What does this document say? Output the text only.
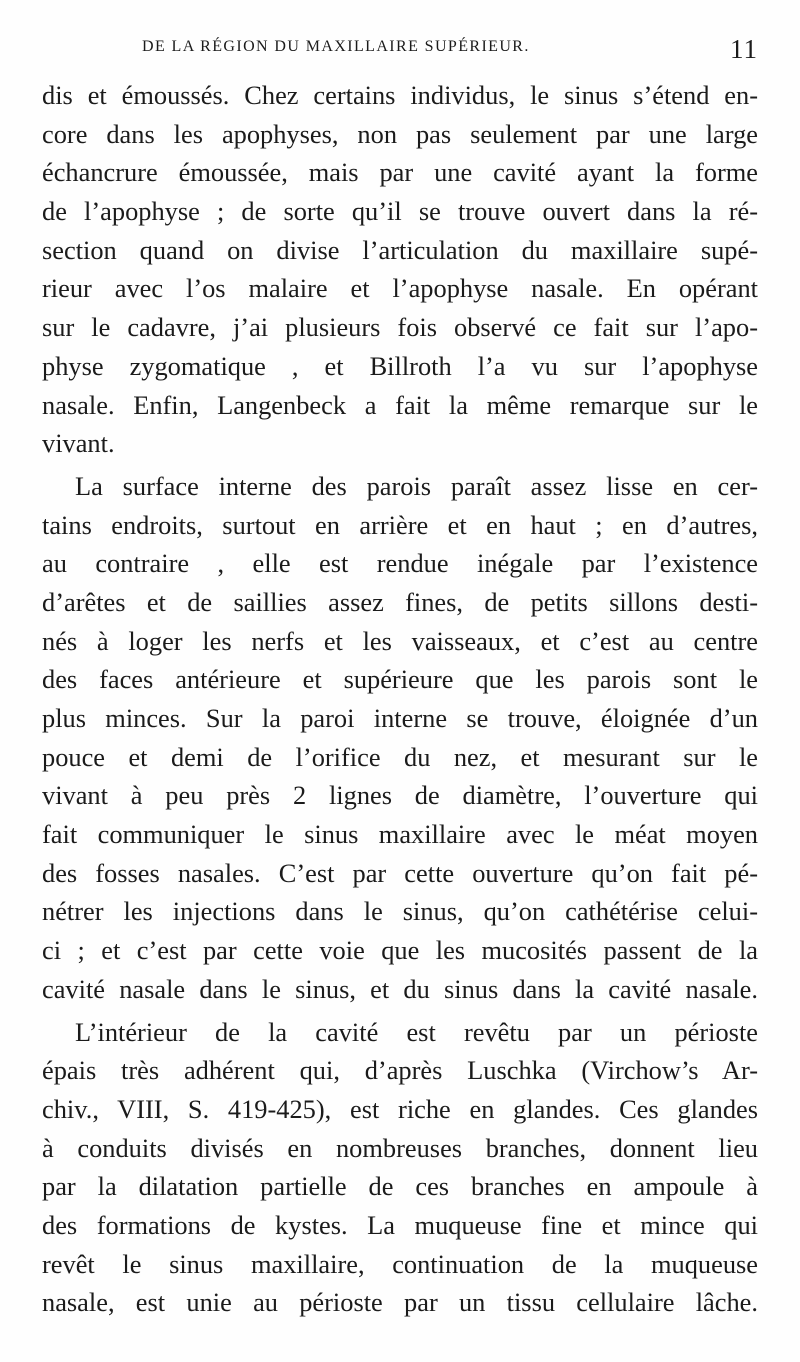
DE LA RÉGION DU MAXILLAIRE SUPÉRIEUR.	11
dis et émoussés. Chez certains individus, le sinus s’étend en-
core dans les apophyses, non pas seulement par une large
échancrure émoussée, mais par une cavité ayant la forme
de l’apophyse ; de sorte qu’il se trouve ouvert dans la ré-
section quand on divise l’articulation du maxillaire supé-
rieur avec l’os malaire et l’apophyse nasale. En opérant
sur le cadavre, j’ai plusieurs fois observé ce fait sur l’apo-
physe zygomatique , et Billroth l’a vu sur l’apophyse
nasale. Enfin, Langenbeck a fait la même remarque sur le
vivant.
La surface interne des parois paraît assez lisse en cer-
tains endroits, surtout en arrière et en haut ; en d’autres,
au contraire , elle est rendue inégale par l’existence
d’arêtes et de saillies assez fines, de petits sillons desti-
nés à loger les nerfs et les vaisseaux, et c’est au centre
des faces antérieure et supérieure que les parois sont le
plus minces. Sur la paroi interne se trouve, éloignée d’un
pouce et demi de l’orifice du nez, et mesurant sur le
vivant à peu près 2 lignes de diamètre, l’ouverture qui
fait communiquer le sinus maxillaire avec le méat moyen
des fosses nasales. C’est par cette ouverture qu’on fait pé-
nétrer les injections dans le sinus, qu’on cathétérise celui-
ci ; et c’est par cette voie que les mucosités passent de la
cavité nasale dans le sinus, et du sinus dans la cavité nasale.
L’intérieur de la cavité est revêtu par un périoste
épais très adhérent qui, d’après Luschka (Virchow’s Ar-
chiv., VIII, S. 419-425), est riche en glandes. Ces glandes
à conduits divisés en nombreuses branches, donnent lieu
par la dilatation partielle de ces branches en ampoule à
des formations de kystes. La muqueuse fine et mince qui
revêt le sinus maxillaire, continuation de la muqueuse
nasale, est unie au périoste par un tissu cellulaire lâche.
